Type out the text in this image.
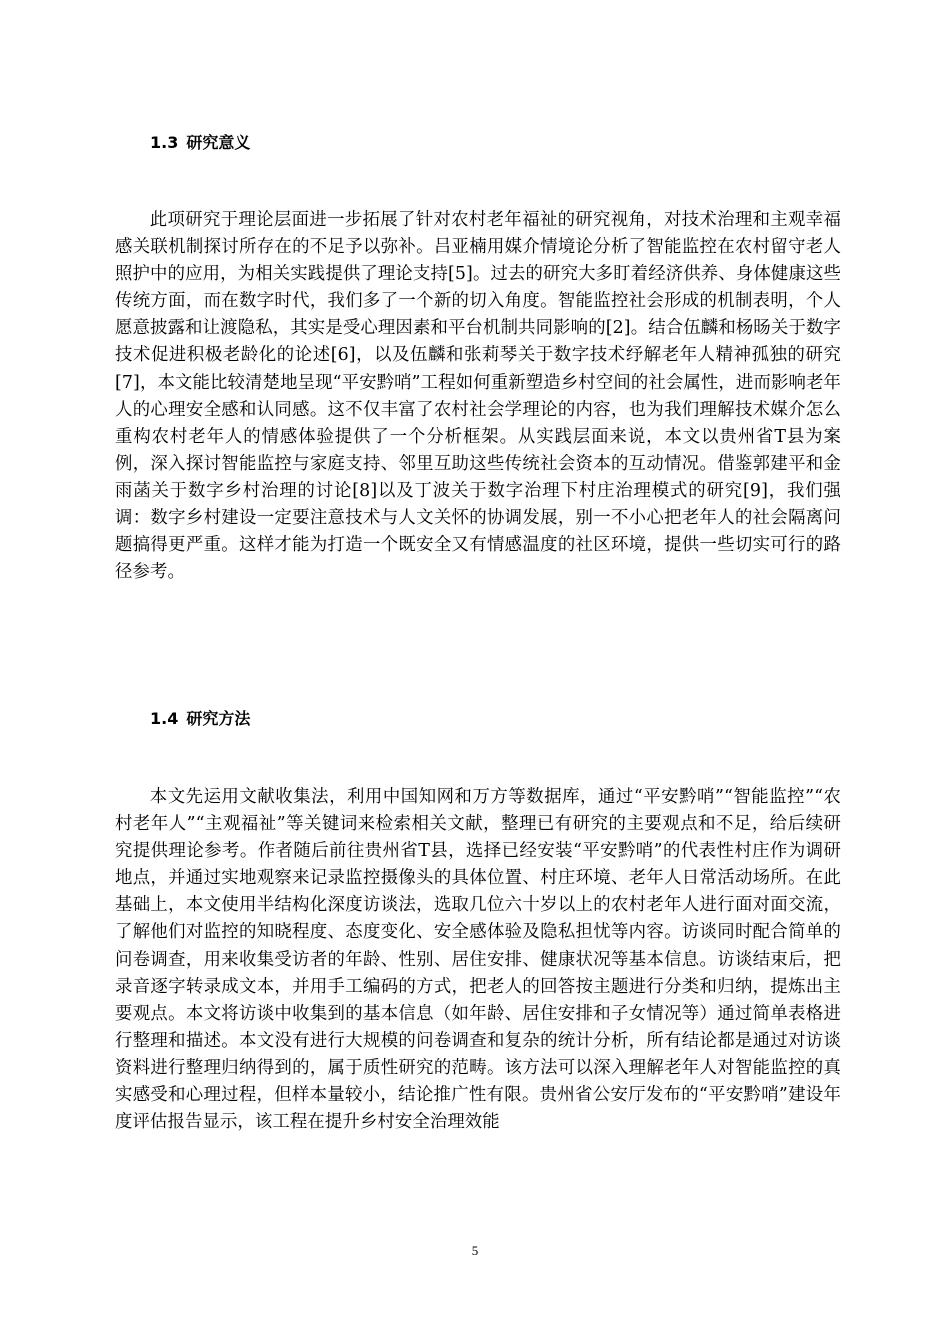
1.3 研究意义

此项研究于理论层面进一步拓展了针对农村老年福祉的研究视角，对技术治理和主观幸福感关联机制探讨所存在的不足予以弥补。吕亚楠用媒介情境论分析了智能监控在农村留守老人照护中的应用，为相关实践提供了理论支持[5]。过去的研究大多盯着经济供养、身体健康这些传统方面，而在数字时代，我们多了一个新的切入角度。智能监控社会形成的机制表明，个人愿意披露和让渡隐私，其实是受心理因素和平台机制共同影响的[2]。结合伍麟和杨旸关于数字技术促进积极老龄化的论述[6]，以及伍麟和张莉琴关于数字技术纾解老年人精神孤独的研究[7]，本文能比较清楚地呈现“平安黔哨”工程如何重新塑造乡村空间的社会属性，进而影响老年人的心理安全感和认同感。这不仅丰富了农村社会学理论的内容，也为我们理解技术媒介怎么重构农村老年人的情感体验提供了一个分析框架。从实践层面来说，本文以贵州省T县为案例，深入探讨智能监控与家庭支持、邻里互助这些传统社会资本的互动情况。借鉴郭建平和金雨菡关于数字乡村治理的讨论[8]以及丁波关于数字治理下村庄治理模式的研究[9]，我们强调：数字乡村建设一定要注意技术与人文关怀的协调发展，别一不小心把老年人的社会隔离问题搞得更严重。这样才能为打造一个既安全又有情感温度的社区环境，提供一些切实可行的路径参考。

1.4 研究方法

本文先运用文献收集法，利用中国知网和万方等数据库，通过“平安黔哨”“智能监控”“农村老年人”“主观福祉”等关键词来检索相关文献，整理已有研究的主要观点和不足，给后续研究提供理论参考。作者随后前往贵州省T县，选择已经安装“平安黔哨”的代表性村庄作为调研地点，并通过实地观察来记录监控摄像头的具体位置、村庄环境、老年人日常活动场所。在此基础上，本文使用半结构化深度访谈法，选取几位六十岁以上的农村老年人进行面对面交流，了解他们对监控的知晓程度、态度变化、安全感体验及隐私担忧等内容。访谈同时配合简单的问卷调查，用来收集受访者的年龄、性别、居住安排、健康状况等基本信息。访谈结束后，把录音逐字转录成文本，并用手工编码的方式，把老人的回答按主题进行分类和归纳，提炼出主要观点。本文将访谈中收集到的基本信息（如年龄、居住安排和子女情况等）通过简单表格进行整理和描述。本文没有进行大规模的问卷调查和复杂的统计分析，所有结论都是通过对访谈资料进行整理归纳得到的，属于质性研究的范畴。该方法可以深入理解老年人对智能监控的真实感受和心理过程，但样本量较小，结论推广性有限。贵州省公安厅发布的“平安黔哨”建设年度评估报告显示，该工程在提升乡村安全治理效能

5
